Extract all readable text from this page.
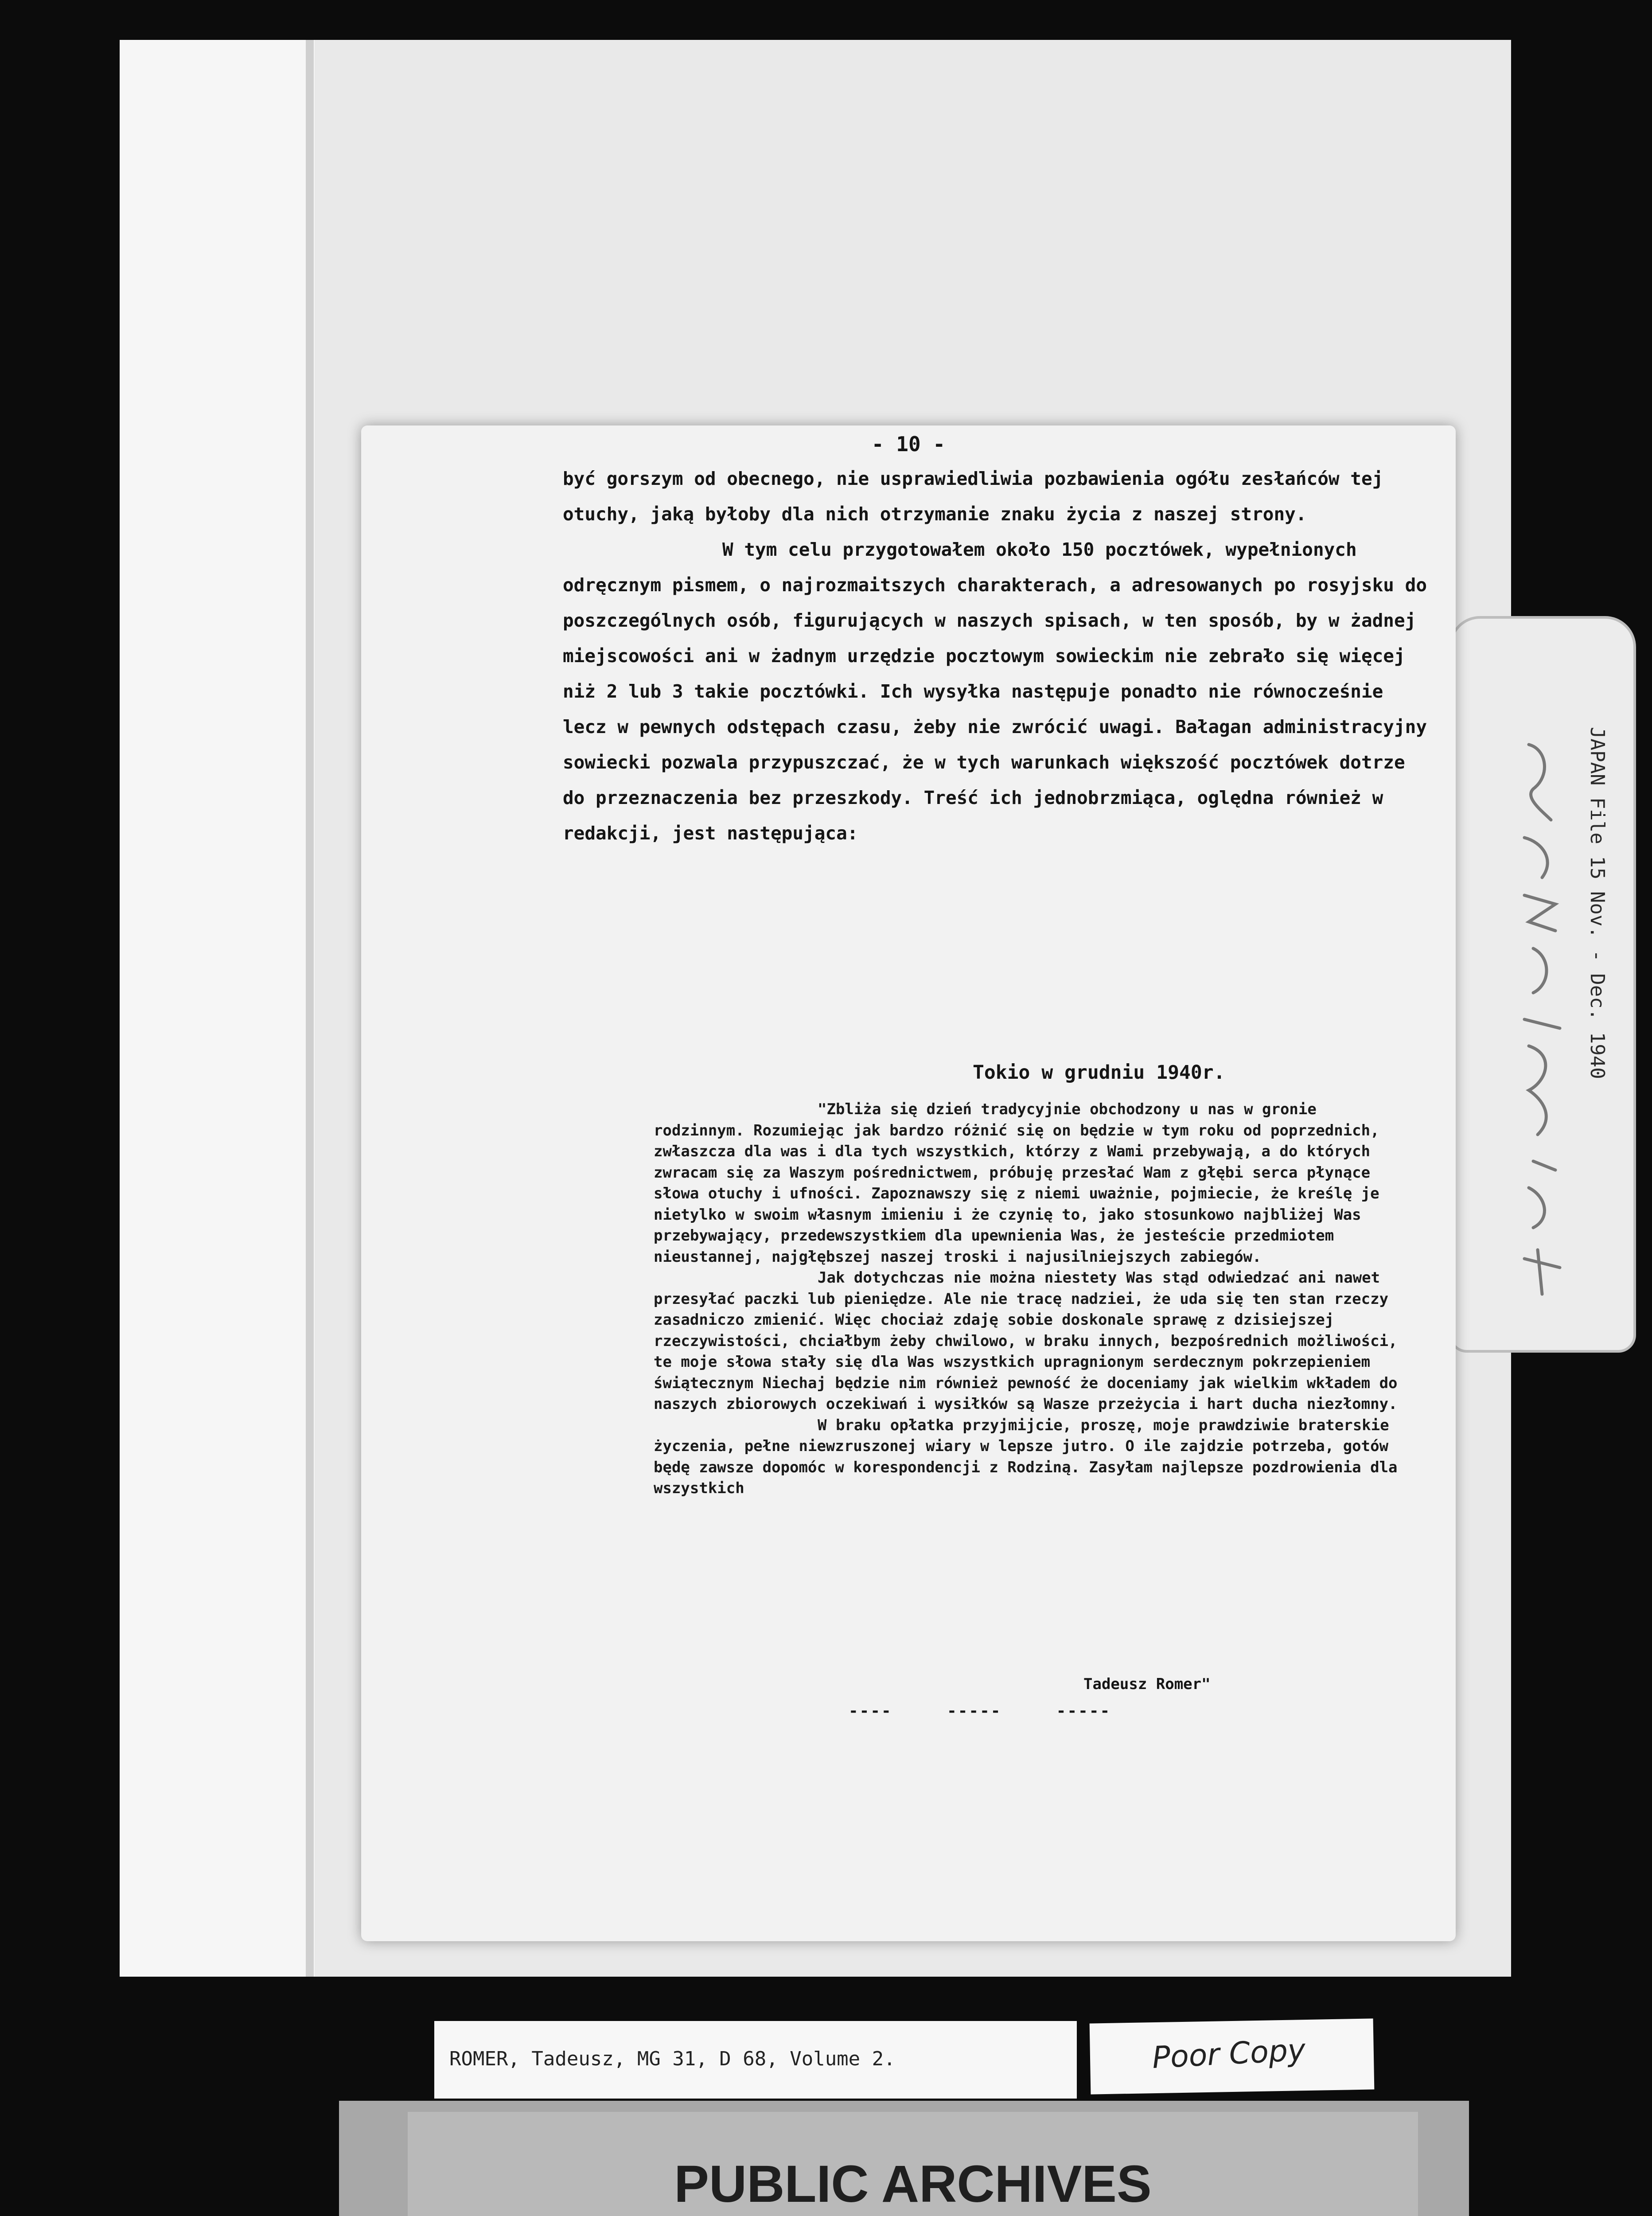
JAPAN File 15 Nov. - Dec. 1940
- 10 -

być gorszym od obecnego, nie usprawiedliwia pozbawienia ogółu zesłańców tej otuchy, jaką byłoby dla nich otrzymanie znaku życia z naszej strony.

W tym celu przygotowałem około 150 pocztówek, wypełnionych odręcznym pismem, o najrozmaitszych charakterach, a adresowanych po rosyjsku do poszczególnych osób, figurujących w naszych spisach, w ten sposób, by w żadnej miejscowości ani w żadnym urzędzie pocztowym sowieckim nie zebrało się więcej niż 2 lub 3 takie pocztówki. Ich wysyłka następuje ponadto nie równocześnie lecz w pewnych odstępach czasu, żeby nie zwrócić uwagi. Bałagan administracyjny sowiecki pozwala przypuszczać, że w tych warunkach większość pocztówek dotrze do przeznaczenia bez przeszkody. Treść ich jednobrzmiąca, oględna również w redakcji, jest następująca:

Tokio w grudniu 1940r.

"Zbliża się dzień tradycyjnie obchodzony u nas w gronie rodzinnym. Rozumiejąc jak bardzo różnić się on będzie w tym roku od poprzednich, zwłaszcza dla was i dla tych wszystkich, którzy z Wami przebywają, a do których zwracam się za Waszym pośrednictwem, próbuję przesłać Wam z głębi serca płynące słowa otuchy i ufności. Zapoznawszy się z niemi uważnie, pojmiecie, że kreślę je nietylko w swoim własnym imieniu i że czynię to, jako stosunkowo najbliżej Was przebywający, przedewszystkiem dla upewnienia Was, że jesteście przedmiotem nieustannej, najgłębszej naszej troski i najusilniejszych zabiegów.

Jak dotychczas nie można niestety Was stąd odwiedzać ani nawet przesyłać paczki lub pieniędze. Ale nie tracę nadziei, że uda się ten stan rzeczy zasadniczo zmienić. Więc chociaż zdaję sobie doskonale sprawę z dzisiejszej rzeczywistości, chciałbym żeby chwilowo, w braku innych, bezpośrednich możliwości, te moje słowa stały się dla Was wszystkich upragnionym serdecznym pokrzepieniem świątecznym Niechaj będzie nim również pewność że doceniamy jak wielkim wkładem do naszych zbiorowych oczekiwań i wysiłków są Wasze przeżycia i hart ducha niezłomny.

W braku opłatka przyjmijcie, proszę, moje prawdziwie braterskie życzenia, pełne niewzruszonej wiary w lepsze jutro. O ile zajdzie potrzeba, gotów będę zawsze dopomóc w korespondencji z Rodziną. Zasyłam najlepsze pozdrowienia dla wszystkich

Tadeusz Romer"
----     -----     -----
ROMER, Tadeusz, MG 31, D 68, Volume 2.	Poor Copy
PUBLIC ARCHIVES
